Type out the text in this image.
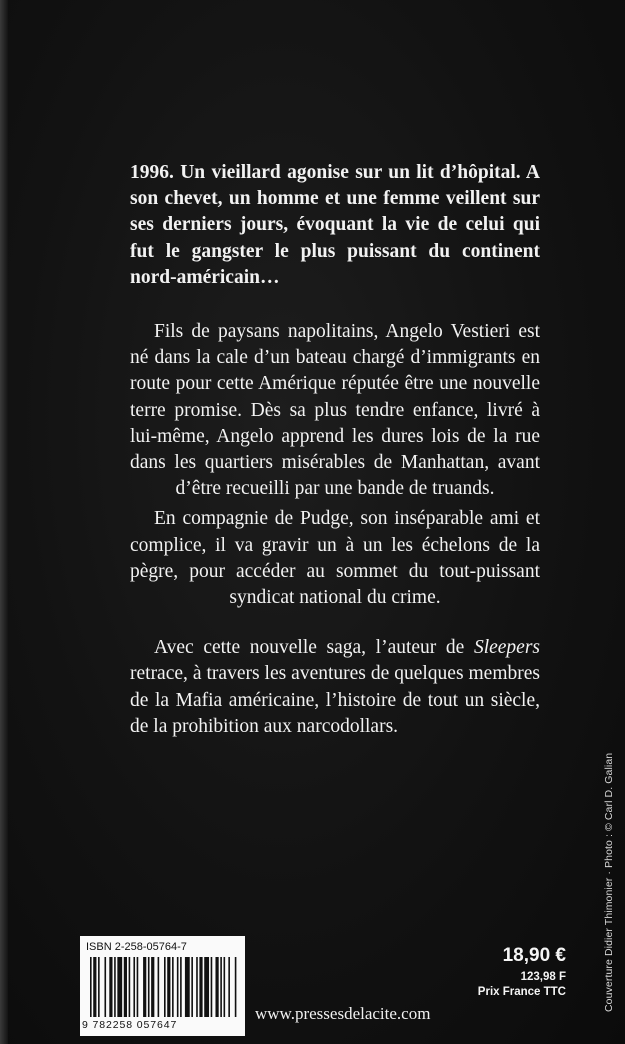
1996. Un vieillard agonise sur un lit d’hôpital. A son chevet, un homme et une femme veillent sur ses derniers jours, évoquant la vie de celui qui fut le gangster le plus puissant du continent nord-américain…

Fils de paysans napolitains, Angelo Vestieri est né dans la cale d’un bateau chargé d’immigrants en route pour cette Amérique réputée être une nouvelle terre promise. Dès sa plus tendre enfance, livré à lui-même, Angelo apprend les dures lois de la rue dans les quartiers misérables de Manhattan, avant d’être recueilli par une bande de truands.

En compagnie de Pudge, son inséparable ami et complice, il va gravir un à un les échelons de la pègre, pour accéder au sommet du tout-puissant syndicat national du crime.

Avec cette nouvelle saga, l’auteur de Sleepers retrace, à travers les aventures de quelques membres de la Mafia américaine, l’histoire de tout un siècle, de la prohibition aux narcodollars.

Couverture Didier Thimonier · Photo : © Carl D. Galian
ISBN 2-258-05764-7
9 782258 057647
www.pressesdelacite.com
18,90 €
123,98 F
Prix France TTC
